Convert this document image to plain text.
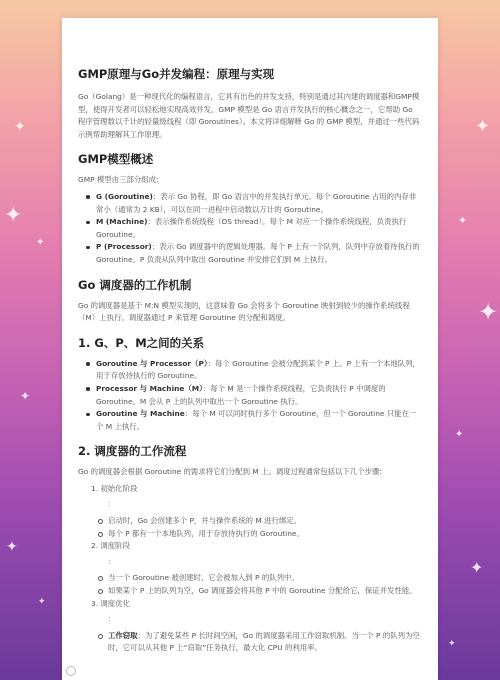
✦
✦
✦
✦
✦
✦
✦
✦
✦
✦
✦
✦
GMP原理与Go并发编程：原理与实现

Go（Golang）是一种现代化的编程语言，它具有出色的并发支持，特别是通过其内建的调度器和GMP模型，使得开发者可以轻松地实现高效并发。GMP 模型是 Go 语言并发执行的核心概念之一，它帮助 Go 程序管理数以千计的轻量级线程（即 Goroutines）。本文将详细解释 Go 的 GMP 模型，并通过一些代码示例帮助理解其工作原理。

GMP模型概述

GMP 模型由三部分组成:

G (Goroutine)：表示 Go 协程，即 Go 语言中的并发执行单元。每个 Goroutine 占用的内存非常小（通常为 2 KB），可以在同一进程中启动数以万计的 Goroutine。
M (Machine)：表示操作系统线程（OS thread）。每个 M 对应一个操作系统线程，负责执行 Goroutine。
P (Processor)：表示 Go 调度器中的逻辑处理器。每个 P 上有一个队列，队列中存放着待执行的 Goroutine。P 负责从队列中取出 Goroutine 并安排它们到 M 上执行。
Go 调度器的工作机制

Go 的调度器是基于 M:N 模型实现的，这意味着 Go 会将多个 Goroutine 映射到较少的操作系统线程（M）上执行。调度器通过 P 来管理 Goroutine 的分配和调度。

1. G、P、M之间的关系
Goroutine 与 Processor（P）：每个 Goroutine 会被分配到某个 P 上。P 上有一个本地队列，用于存放待执行的 Goroutine。
Processor 与 Machine（M）：每个 M 是一个操作系统线程，它负责执行 P 中调度的 Goroutine。M 会从 P 上的队列中取出一个 Goroutine 执行。
Goroutine 与 Machine：每个 M 可以同时执行多个 Goroutine，但一个 Goroutine 只能在一个 M 上执行。
2. 调度器的工作流程

Go 的调度器会根据 Goroutine 的需求将它们分配到 M 上。调度过程通常包括以下几个步骤:

1. 初始化阶段
:
启动时，Go 会创建多个 P，并与操作系统的 M 进行绑定。
每个 P 都有一个本地队列，用于存放待执行的 Goroutine。
2. 调度阶段
:
当一个 Goroutine 被创建时，它会被加入到 P 的队列中。
如果某个 P 上的队列为空，Go 调度器会将其他 P 中的 Goroutine 分配给它，保证并发性能。
3. 调度优化
:
工作窃取：为了避免某些 P 长时间空闲，Go 的调度器采用工作窃取机制。当一个 P 的队列为空时，它可以从其他 P 上“窃取”任务执行，最大化 CPU 的利用率。
